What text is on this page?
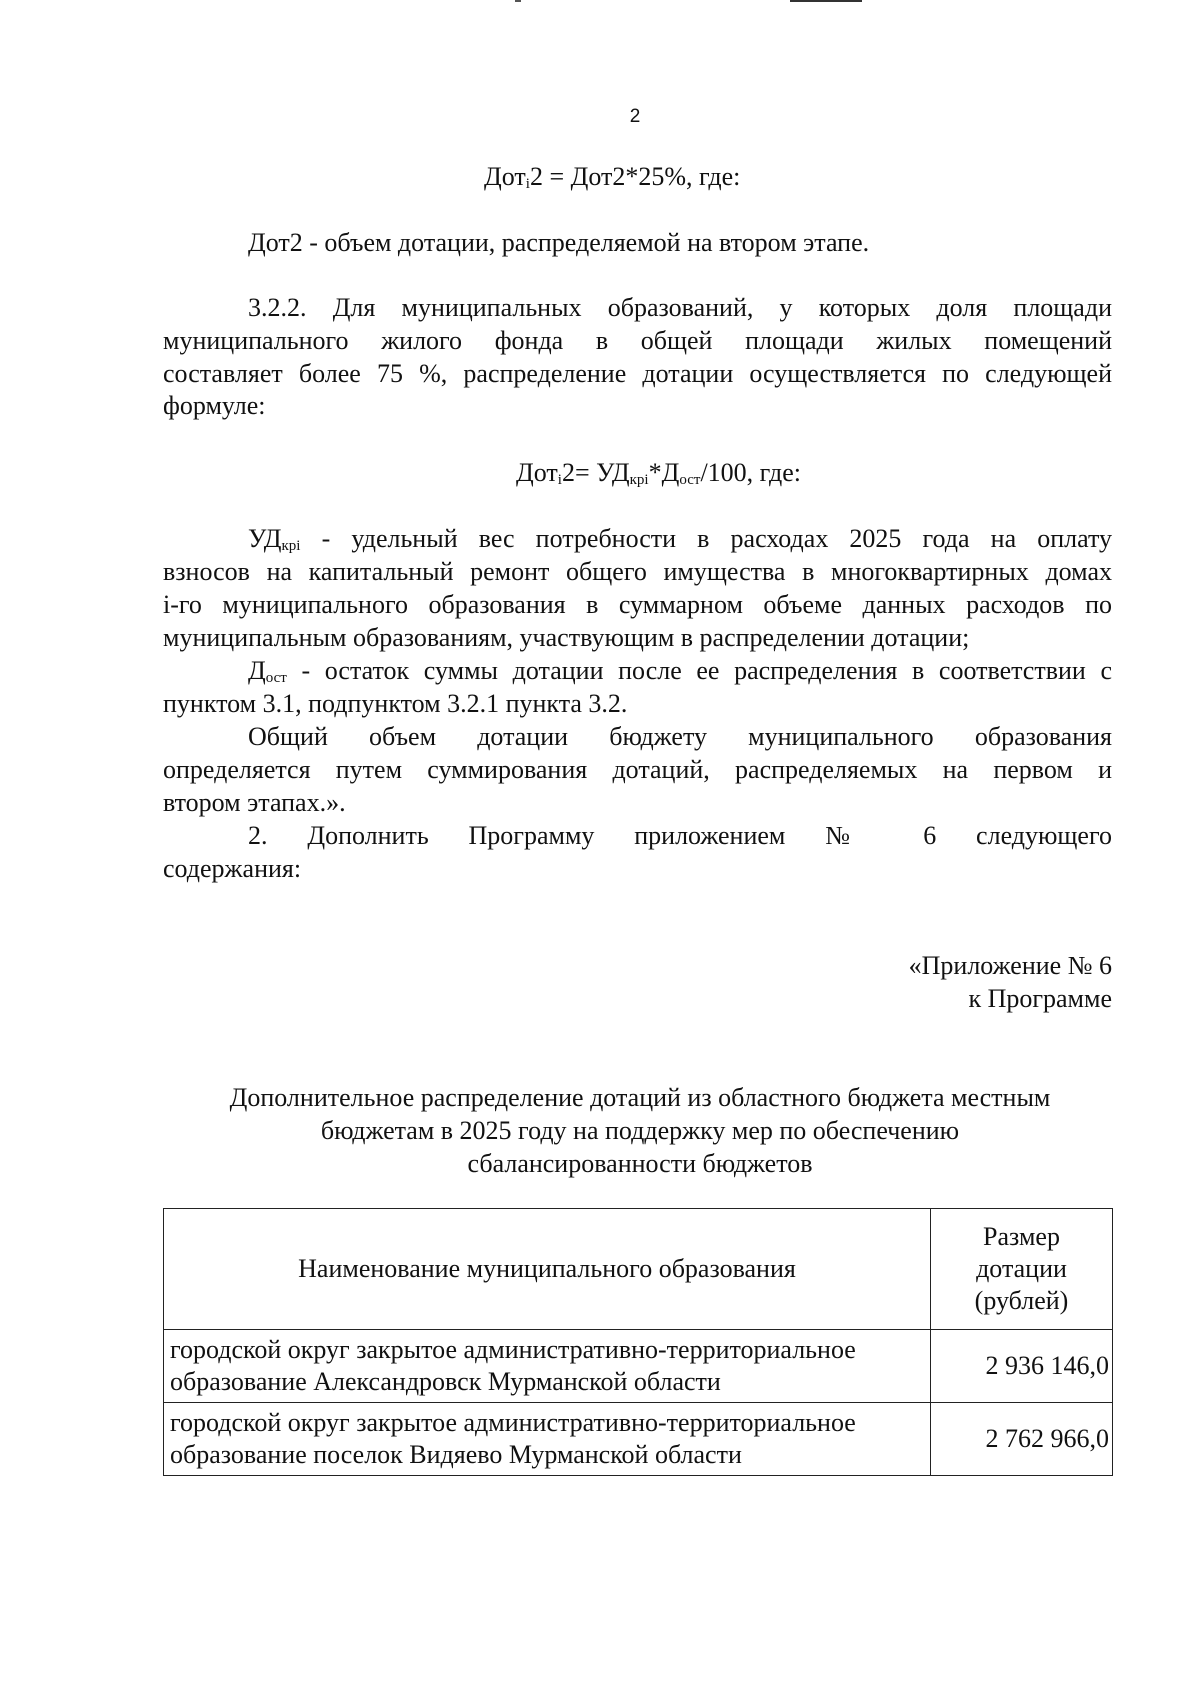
2
Дот$_i$2 = Дот2*25%, где:
Дот2 - объем дотации, распределяемой на втором этапе.
3.2.2. Для муниципальных образований, у которых доля площади
муниципального жилого фонда в общей площади жилых помещений
составляет более 75 %, распределение дотации осуществляется по следующей
формуле:
$Дот_i2= УД_{крi}*Д_{ост}/100$, где:
$УД_{крi}$ - удельный вес потребности в расходах 2025 года на оплату
взносов на капитальный ремонт общего имущества в многоквартирных домах
i-го муниципального образования в суммарном объеме данных расходов по
муниципальным образованиям, участвующим в распределении дотации;
$Д_{ост}$ - остаток суммы дотации после ее распределения в соответствии с
пунктом 3.1, подпунктом 3.2.1 пункта 3.2.
Общий объем дотации бюджету муниципального образования
определяется путем суммирования дотаций, распределяемых на первом и
втором этапах.».
2. Дополнить Программу приложением № 6 следующего
содержания:
«Приложение № 6
к Программе
Дополнительное распределение дотаций из областного бюджета местным
бюджетам в 2025 году на поддержку мер по обеспечению
сбалансированности бюджетов
Наименование муниципального образования	Размер дотации (рублей)
городской округ закрытое административно-территориальное образование Александровск Мурманской области	2 936 146,0
городской округ закрытое административно-территориальное образование поселок Видяево Мурманской области	2 762 966,0
